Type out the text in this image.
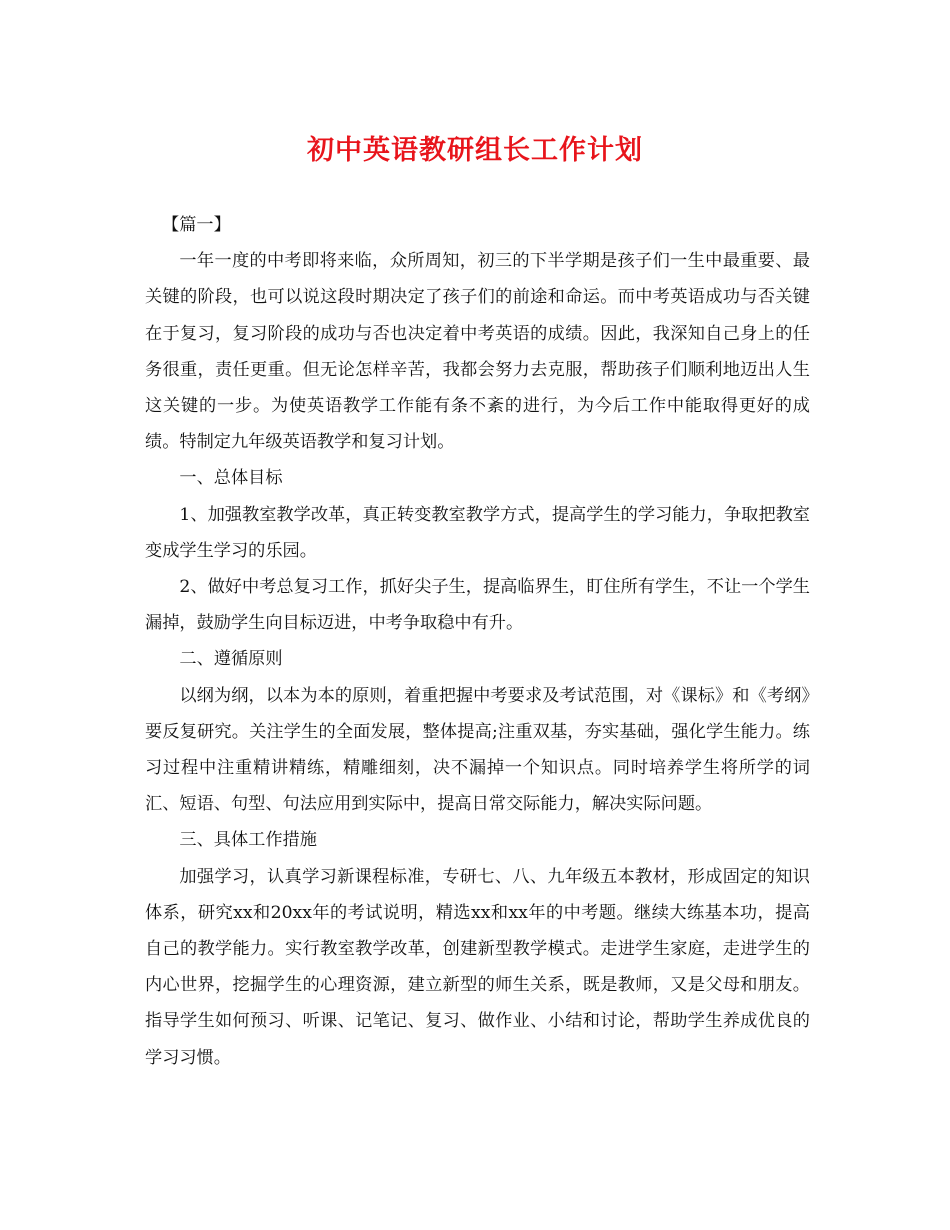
初中英语教研组长工作计划

【篇一】

一年一度的中考即将来临，众所周知，初三的下半学期是孩子们一生中最重要、最关键的阶段，也可以说这段时期决定了孩子们的前途和命运。而中考英语成功与否关键在于复习，复习阶段的成功与否也决定着中考英语的成绩。因此，我深知自己身上的任务很重，责任更重。但无论怎样辛苦，我都会努力去克服，帮助孩子们顺利地迈出人生这关键的一步。为使英语教学工作能有条不紊的进行，为今后工作中能取得更好的成绩。特制定九年级英语教学和复习计划。

一、总体目标

1、加强教室教学改革，真正转变教室教学方式，提高学生的学习能力，争取把教室变成学生学习的乐园。

2、做好中考总复习工作，抓好尖子生，提高临界生，盯住所有学生，不让一个学生漏掉，鼓励学生向目标迈进，中考争取稳中有升。

二、遵循原则

以纲为纲，以本为本的原则，着重把握中考要求及考试范围，对《课标》和《考纲》要反复研究。关注学生的全面发展，整体提高;注重双基，夯实基础，强化学生能力。练习过程中注重精讲精练，精雕细刻，决不漏掉一个知识点。同时培养学生将所学的词汇、短语、句型、句法应用到实际中，提高日常交际能力，解决实际问题。

三、具体工作措施

加强学习，认真学习新课程标准，专研七、八、九年级五本教材，形成固定的知识体系，研究xx和20xx年的考试说明，精选xx和xx年的中考题。继续大练基本功，提高自己的教学能力。实行教室教学改革，创建新型教学模式。走进学生家庭，走进学生的内心世界，挖掘学生的心理资源，建立新型的师生关系，既是教师，又是父母和朋友。指导学生如何预习、听课、记笔记、复习、做作业、小结和讨论，帮助学生养成优良的学习习惯。
